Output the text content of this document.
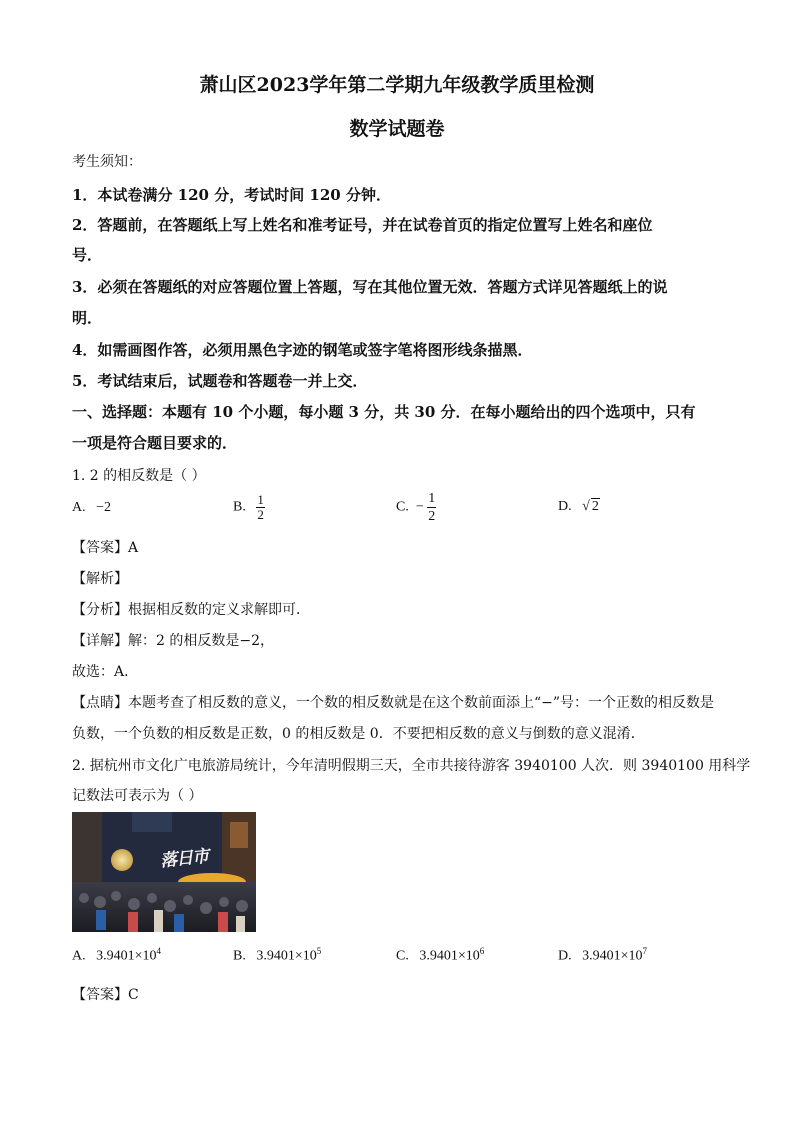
萧山区2023学年第二学期九年级教学质里检测
数学试题卷
考生须知：
1．本试卷满分 120 分，考试时间 120 分钟．
2．答题前，在答题纸上写上姓名和准考证号，并在试卷首页的指定位置写上姓名和座位
号．
3．必须在答题纸的对应答题位置上答题，写在其他位置无效．答题方式详见答题纸上的说
明．
4．如需画图作答，必须用黑色字迹的钢笔或签字笔将图形线条描黑．
5．考试结束后，试题卷和答题卷一并上交．
一、选择题：本题有 10 个小题，每小题 3 分，共 30 分．在每小题给出的四个选项中，只有
一项是符合题目要求的．
1. 2 的相反数是（ ）
A. −2	B. $\frac{1}{2}$	C. − $\frac{1}{2}$	D. √ 2
【答案】A
【解析】
【分析】根据相反数的定义求解即可．
【详解】解：2 的相反数是−2，
故选：A．
【点睛】本题考查了相反数的意义，一个数的相反数就是在这个数前面添上“−”号：一个正数的相反数是
负数，一个负数的相反数是正数，0 的相反数是 0．不要把相反数的意义与倒数的意义混淆．
2. 据杭州市文化广电旅游局统计，今年清明假期三天，全市共接待游客 3940100 人次．则 3940100 用科学
记数法可表示为（ ）
落日市
A. $3.9401\times 10^4$	B. $3.9401\times 10^5$	C. $3.9401\times 10^6$	D. $3.9401\times 10^7$
【答案】C
